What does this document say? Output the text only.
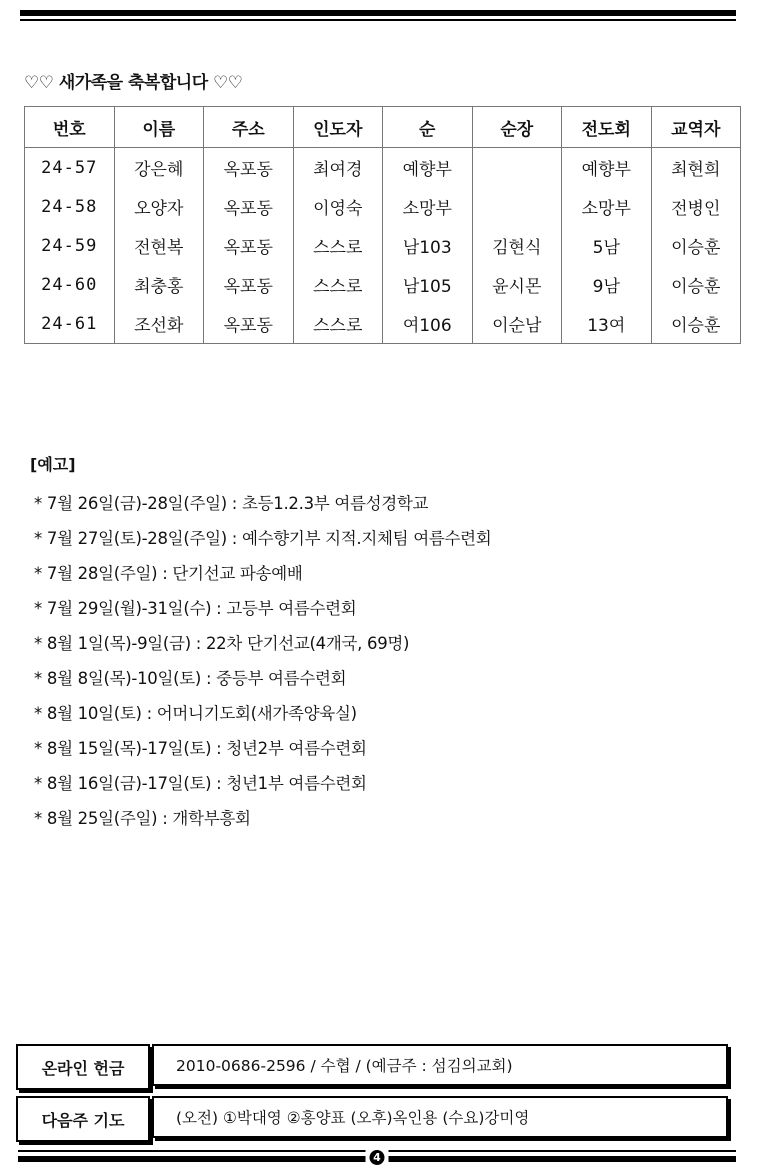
♡♡ 새가족을 축복합니다 ♡♡
번호	이름	주소	인도자	순	순장	전도회	교역자
24-57	강은혜	옥포동	최여경	예향부		예향부	최현희
24-58	오양자	옥포동	이영숙	소망부		소망부	전병인
24-59	전현복	옥포동	스스로	남103	김현식	5남	이승훈
24-60	최충홍	옥포동	스스로	남105	윤시몬	9남	이승훈
24-61	조선화	옥포동	스스로	여106	이순남	13여	이승훈
[예고]
* 7월 26일(금)-28일(주일) : 초등1.2.3부 여름성경학교
* 7월 27일(토)-28일(주일) : 예수향기부 지적.지체팀 여름수련회
* 7월 28일(주일) : 단기선교 파송예배
* 7월 29일(월)-31일(수) : 고등부 여름수련회
* 8월 1일(목)-9일(금) : 22차 단기선교(4개국, 69명)
* 8월 8일(목)-10일(토) : 중등부 여름수련회
* 8월 10일(토) : 어머니기도회(새가족양육실)
* 8월 15일(목)-17일(토) : 청년2부 여름수련회
* 8월 16일(금)-17일(토) : 청년1부 여름수련회
* 8월 25일(주일) : 개학부흥회
온라인 헌금	2010-0686-2596 / 수협 / (예금주 : 섬김의교회)
다음주 기도	(오전) ①박대영 ②홍양표 (오후)옥인용 (수요)강미영
4
